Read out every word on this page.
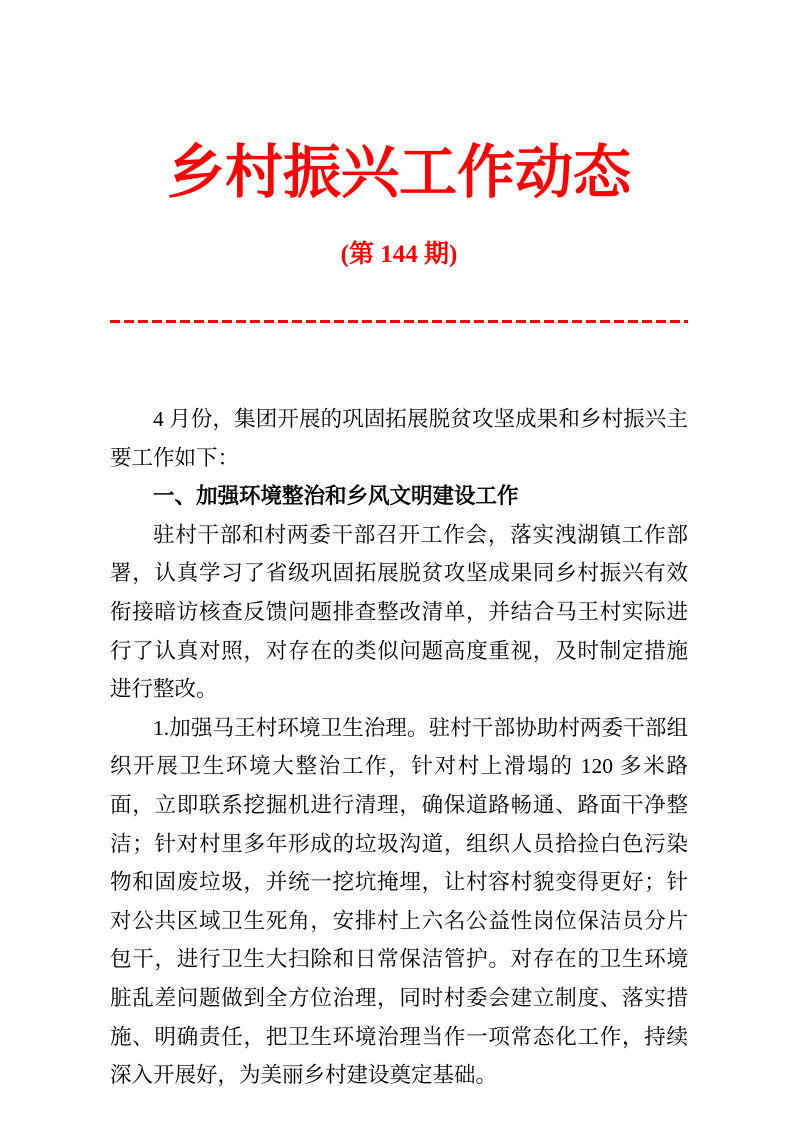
乡村振兴工作动态
(第 144 期)

4 月份，集团开展的巩固拓展脱贫攻坚成果和乡村振兴主要工作如下：

一、加强环境整治和乡风文明建设工作

驻村干部和村两委干部召开工作会，落实洩湖镇工作部署，认真学习了省级巩固拓展脱贫攻坚成果同乡村振兴有效衔接暗访核查反馈问题排查整改清单，并结合马王村实际进行了认真对照，对存在的类似问题高度重视，及时制定措施进行整改。

1.加强马王村环境卫生治理。驻村干部协助村两委干部组织开展卫生环境大整治工作，针对村上滑塌的 120 多米路面，立即联系挖掘机进行清理，确保道路畅通、路面干净整洁；针对村里多年形成的垃圾沟道，组织人员拾捡白色污染物和固废垃圾，并统一挖坑掩埋，让村容村貌变得更好；针对公共区域卫生死角，安排村上六名公益性岗位保洁员分片包干，进行卫生大扫除和日常保洁管护。对存在的卫生环境脏乱差问题做到全方位治理，同时村委会建立制度、落实措施、明确责任，把卫生环境治理当作一项常态化工作，持续深入开展好，为美丽乡村建设奠定基础。
